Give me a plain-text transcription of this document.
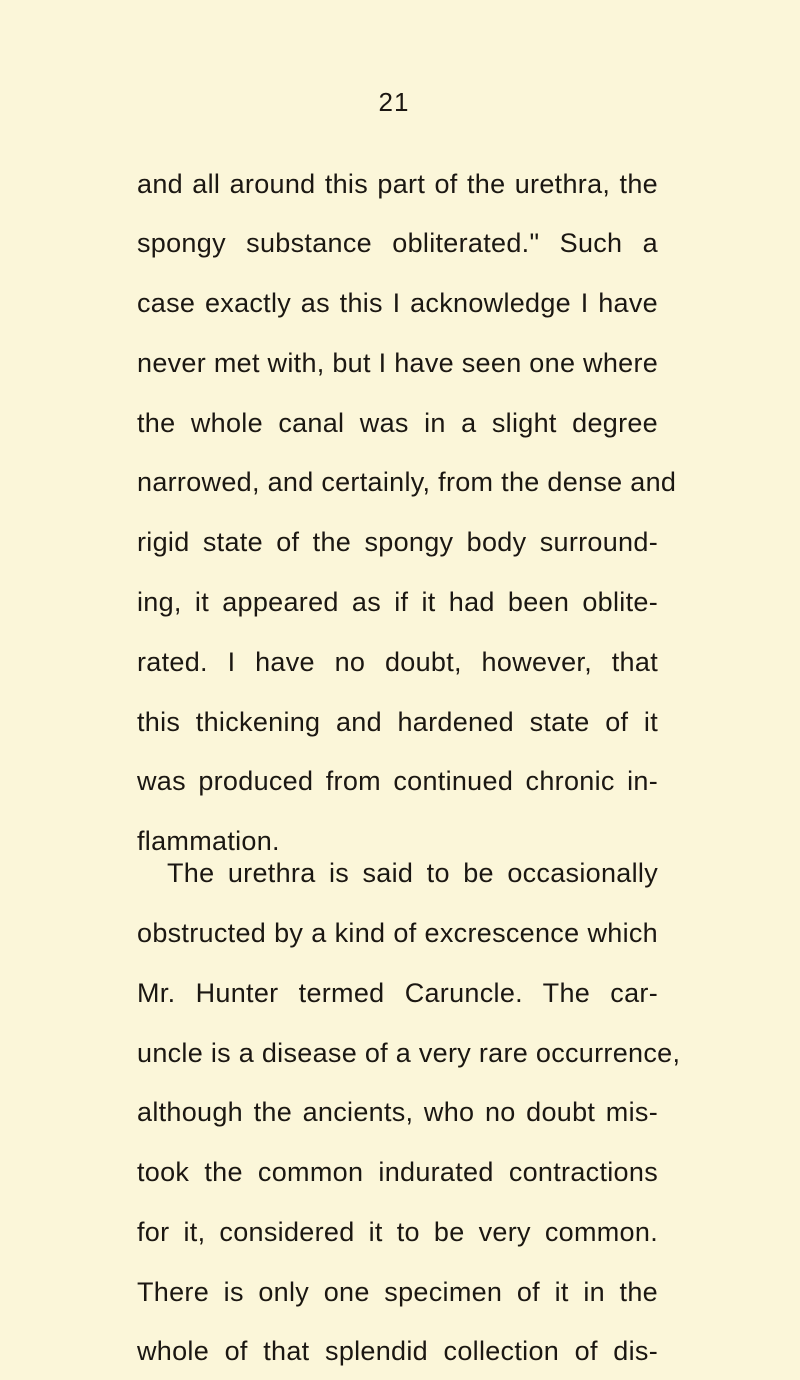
21
and all around this part of the urethra, the
spongy substance obliterated." Such a
case exactly as this I acknowledge I have
never met with, but I have seen one where
the whole canal was in a slight degree
narrowed, and certainly, from the dense and
rigid state of the spongy body surround-
ing, it appeared as if it had been oblite-
rated. I have no doubt, however, that
this thickening and hardened state of it
was produced from continued chronic in-
flammation.
The urethra is said to be occasionally
obstructed by a kind of excrescence which
Mr. Hunter termed Caruncle. The car-
uncle is a disease of a very rare occurrence,
although the ancients, who no doubt mis-
took the common indurated contractions
for it, considered it to be very common.
There is only one specimen of it in the
whole of that splendid collection of dis-
